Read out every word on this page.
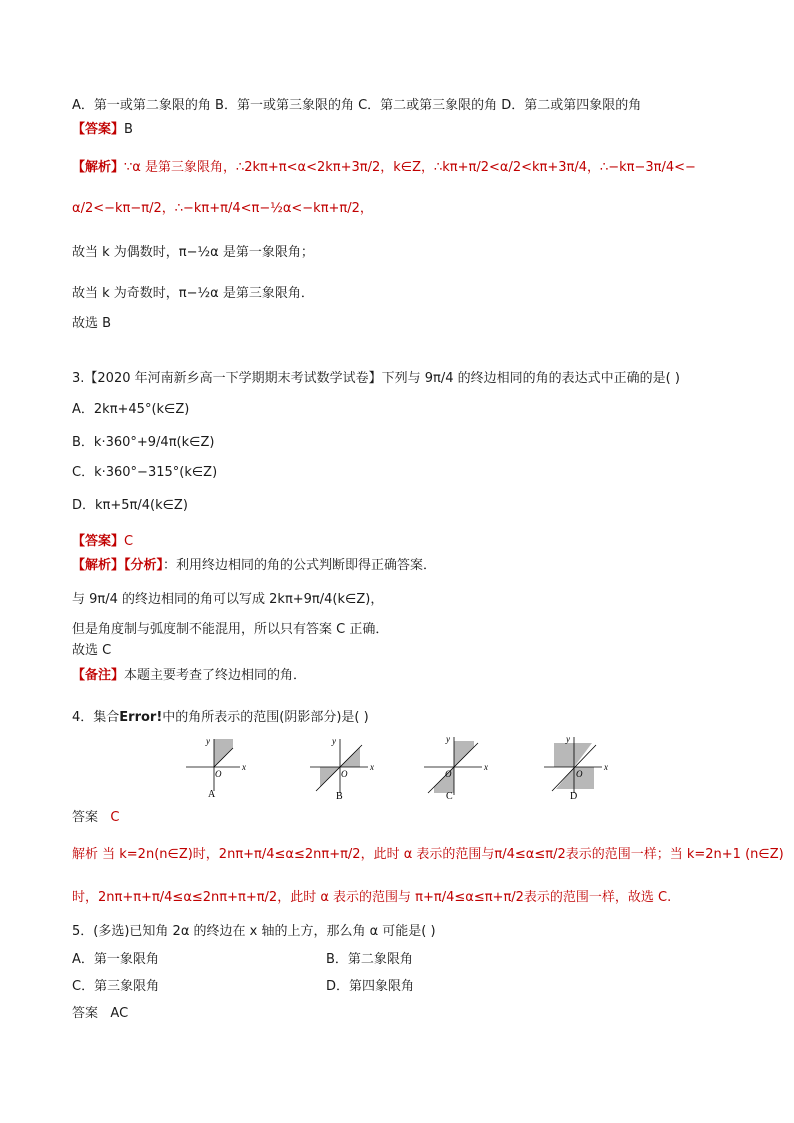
A．第一或第二象限的角 B．第一或第三象限的角 C．第二或第三象限的角 D．第二或第四象限的角
【答案】B
【解析】∵α 是第三象限角，∴2kπ+π<α<2kπ+3π/2，k∈Z，∴kπ+π/2<α/2<kπ+3π/4，∴−kπ−3π/4<−
α/2<−kπ−π/2，∴−kπ+π/4<π−½α<−kπ+π/2，
故当 k 为偶数时，π−½α 是第一象限角；
故当 k 为奇数时，π−½α 是第三象限角．
故选 B
3.【2020 年河南新乡高一下学期期末考试数学试卷】下列与 9π/4 的终边相同的角的表达式中正确的是( )
A．2kπ+45°(k∈Z)
B．k·360°+9/4π(k∈Z)
C．k·360°−315°(k∈Z)
D．kπ+5π/4(k∈Z)
【答案】C
【解析】【分析】：利用终边相同的角的公式判断即得正确答案．
与 9π/4 的终边相同的角可以写成 2kπ+9π/4(k∈Z)，
但是角度制与弧度制不能混用，所以只有答案 C 正确．
故选 C
【备注】本题主要考查了终边相同的角．
4．集合Error!中的角所表示的范围(阴影部分)是( )
x
y
O
A
x
y
O
B
x
y
O
C
x
y
O
D
答案 C
解析 当 k=2n(n∈Z)时，2nπ+π/4≤α≤2nπ+π/2，此时 α 表示的范围与π/4≤α≤π/2表示的范围一样；当 k=2n+1 (n∈Z)
时，2nπ+π+π/4≤α≤2nπ+π+π/2，此时 α 表示的范围与 π+π/4≤α≤π+π/2表示的范围一样，故选 C.
5．(多选)已知角 2α 的终边在 x 轴的上方，那么角 α 可能是( )
A．第一象限角	B．第二象限角
C．第三象限角	D．第四象限角
答案 AC
